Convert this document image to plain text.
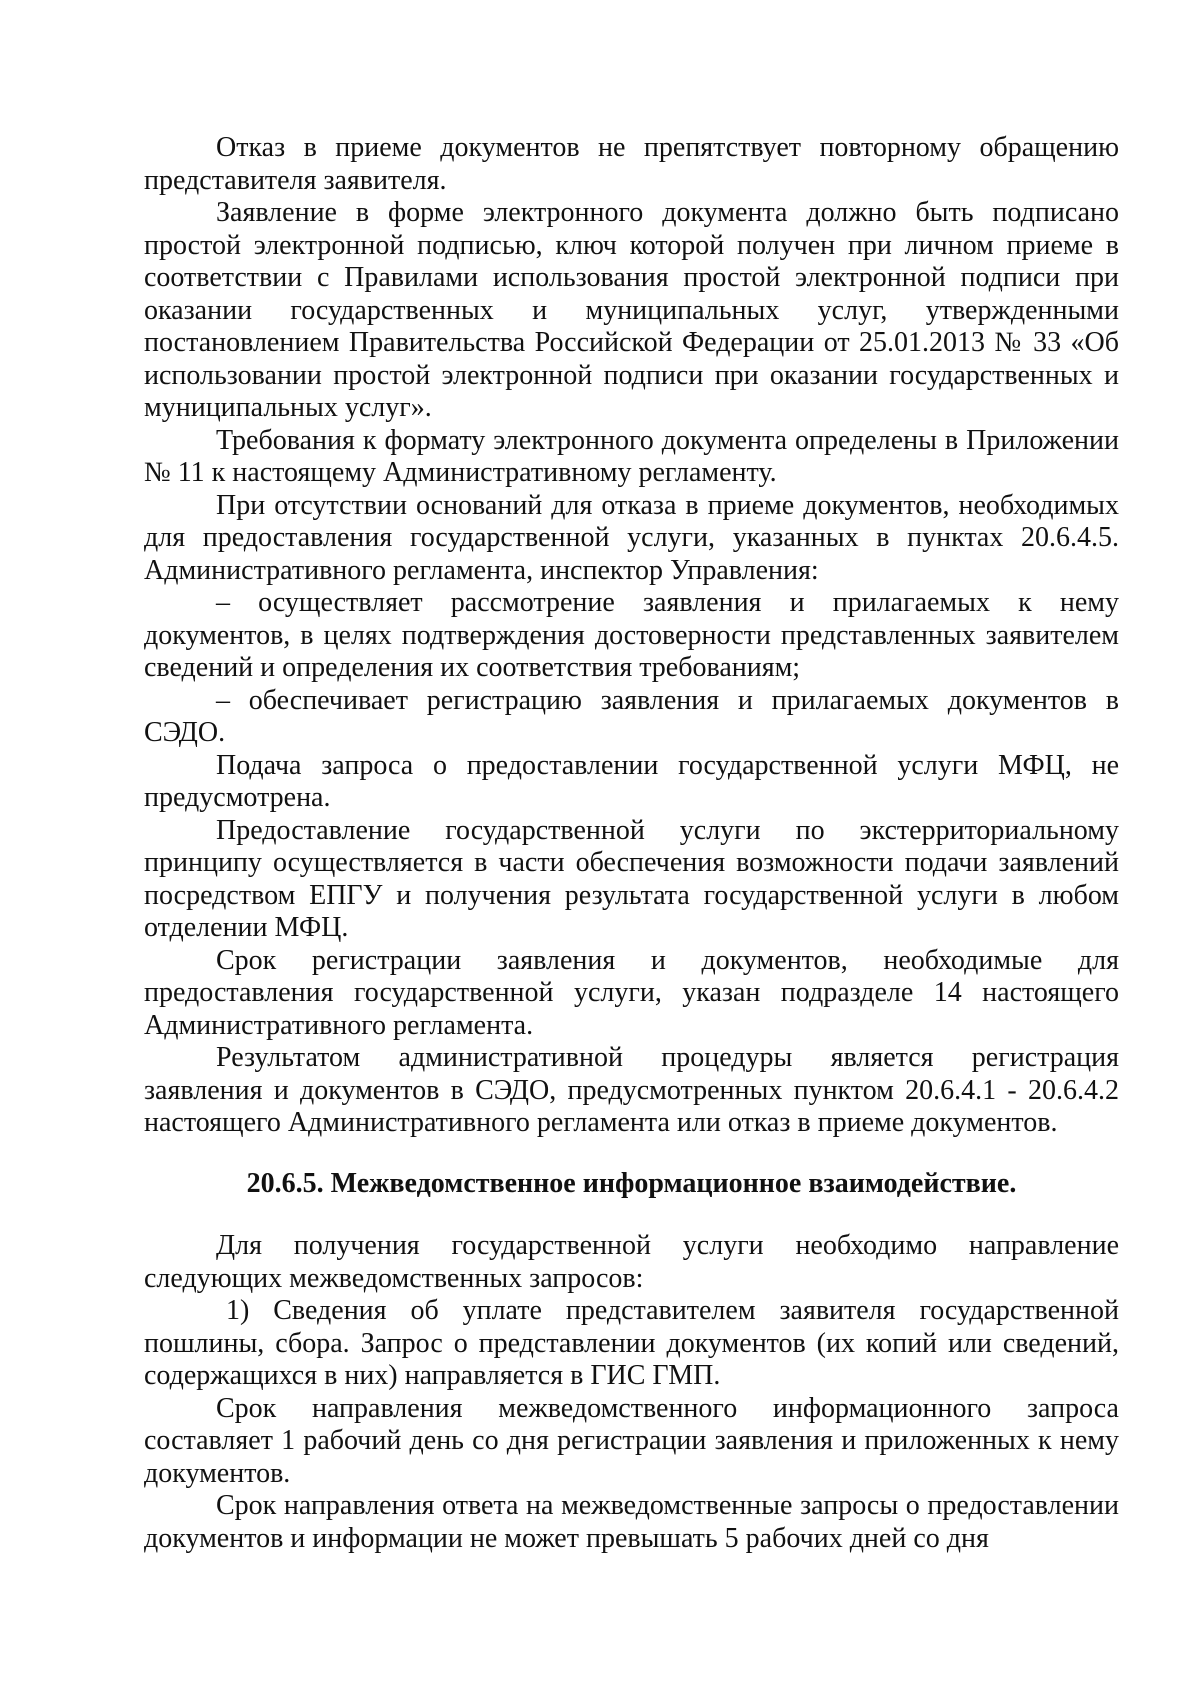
Отказ в приеме документов не препятствует повторному обращению представителя заявителя.

Заявление в форме электронного документа должно быть подписано простой электронной подписью, ключ которой получен при личном приеме в соответствии с Правилами использования простой электронной подписи при оказании государственных и муниципальных услуг, утвержденными постановлением Правительства Российской Федерации от 25.01.2013 № 33 «Об использовании простой электронной подписи при оказании государственных и муниципальных услуг».

Требования к формату электронного документа определены в Приложении № 11 к настоящему Административному регламенту.

При отсутствии оснований для отказа в приеме документов, необходимых для предоставления государственной услуги, указанных в пунктах 20.6.4.5. Административного регламента, инспектор Управления:

– осуществляет рассмотрение заявления и прилагаемых к нему документов, в целях подтверждения достоверности представленных заявителем сведений и определения их соответствия требованиям;

– обеспечивает регистрацию заявления и прилагаемых документов в СЭДО.

Подача запроса о предоставлении государственной услуги МФЦ, не предусмотрена.

Предоставление государственной услуги по экстерриториальному принципу осуществляется в части обеспечения возможности подачи заявлений посредством ЕПГУ и получения результата государственной услуги в любом отделении МФЦ.

Срок регистрации заявления и документов, необходимые для предоставления государственной услуги, указан подразделе 14 настоящего Административного регламента.

Результатом административной процедуры является регистрация заявления и документов в СЭДО, предусмотренных пунктом 20.6.4.1 - 20.6.4.2 настоящего Административного регламента или отказ в приеме документов.

20.6.5. Межведомственное информационное взаимодействие.

Для получения государственной услуги необходимо направление следующих межведомственных запросов:

1) Сведения об уплате представителем заявителя государственной пошлины, сбора. Запрос о представлении документов (их копий или сведений, содержащихся в них) направляется в ГИС ГМП.

Срок направления межведомственного информационного запроса составляет 1 рабочий день со дня регистрации заявления и приложенных к нему документов.

Срок направления ответа на межведомственные запросы о предоставлении документов и информации не может превышать 5 рабочих дней со дня
